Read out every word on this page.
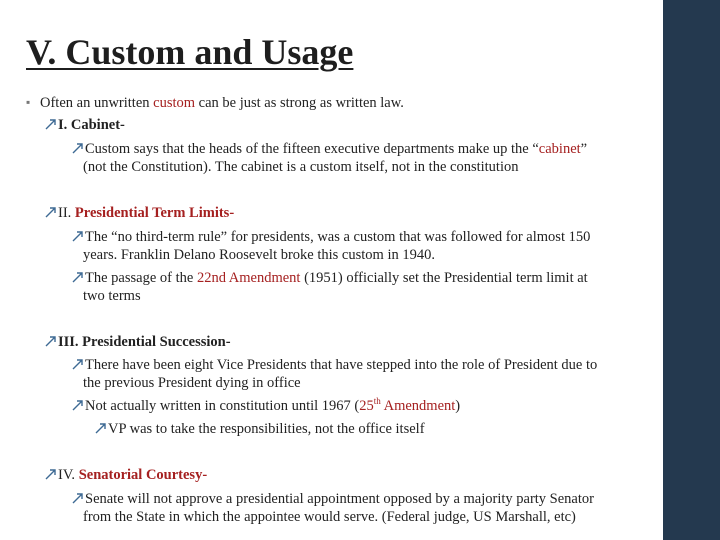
V. Custom and Usage
▪ Often an unwritten custom can be just as strong as written law.
I. Cabinet-
Custom says that the heads of the fifteen executive departments make up the “cabinet”
(not the Constitution). The cabinet is a custom itself, not in the constitution
II. Presidential Term Limits-
The “no third-term rule” for presidents, was a custom that was followed for almost 150
years. Franklin Delano Roosevelt broke this custom in 1940.
The passage of the 22nd Amendment (1951) officially set the Presidential term limit at
two terms
III. Presidential Succession-
There have been eight Vice Presidents that have stepped into the role of President due to
the previous President dying in office
Not actually written in constitution until 1967 (25th Amendment)
VP was to take the responsibilities, not the office itself
IV. Senatorial Courtesy-
Senate will not approve a presidential appointment opposed by a majority party Senator
from the State in which the appointee would serve. (Federal judge, US Marshall, etc)
